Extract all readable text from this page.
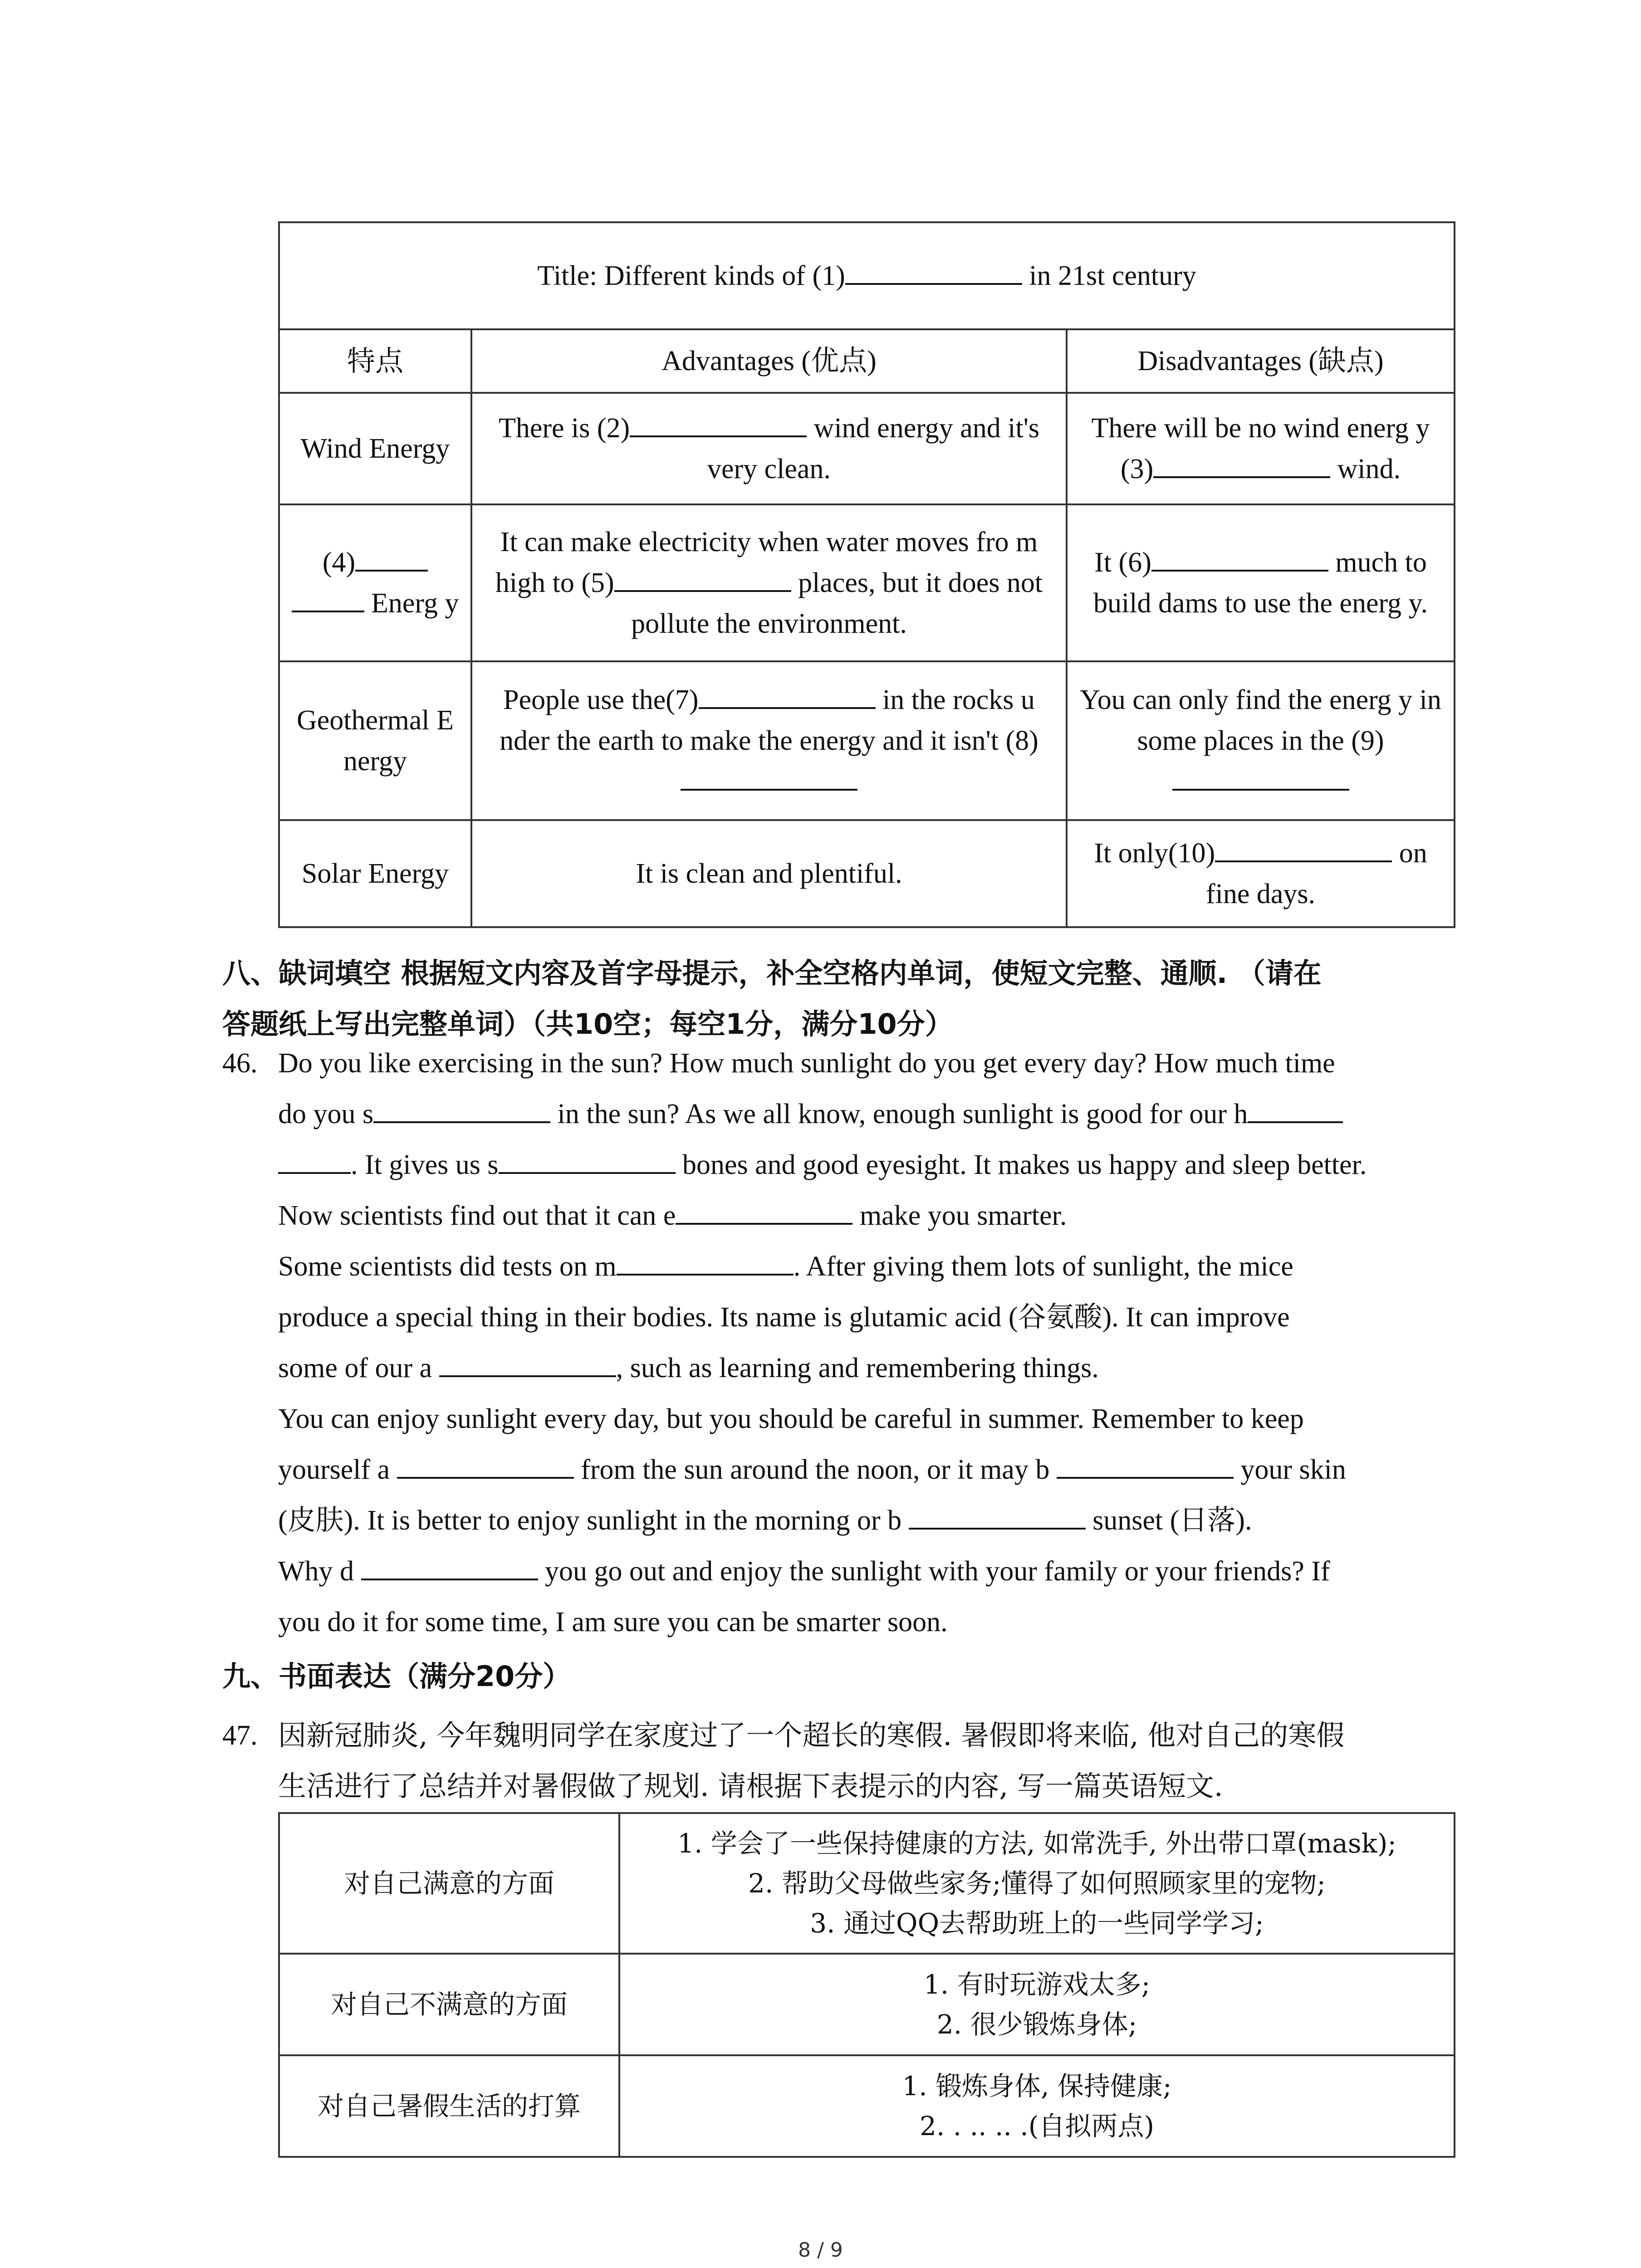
Title: Different kinds of (1) in 21st century		
特点	Advantages (优点)	Disadvantages (缺点)
Wind Energy	There is (2) wind energy and it's very clean.	There will be no wind energ y (3) wind.
(4)
Energ y	It can make electricity when water moves fro m high to (5) places, but it does not pollute the environment.	It (6) much to build dams to use the energ y.
Geothermal E nergy	People use the(7) in the rocks u nder the earth to make the energy and it isn't (8)	You can only find the energ y in some places in the (9)

Solar Energy	It is clean and plentiful.	It only(10) on fine days.
八、缺词填空 根据短文内容及首字母提示，补全空格内单词，使短文完整、通顺. （请在
答题纸上写出完整单词）（共10空；每空1分，满分10分）
46. Do you like exercising in the sun? How much sunlight do you get every day? How much time
do you s	in the sun? As we all know, enough sunlight is good for our h
. It gives us s	bones and good eyesight. It makes us happy and sleep better.
Now scientists find out that it can e	make you smarter.
Some scientists did tests on m	. After giving them lots of sunlight, the mice
produce a special thing in their bodies. Its name is glutamic acid (谷氨酸). It can improve
some of our a	, such as learning and remembering things.
You can enjoy sunlight every day, but you should be careful in summer. Remember to keep
yourself a	from the sun around the noon, or it may b	your skin
(皮肤). It is better to enjoy sunlight in the morning or b	sunset (日落).
Why d	you go out and enjoy the sunlight with your family or your friends? If
you do it for some time, I am sure you can be smarter soon.
九、书面表达（满分20分）
47. 因新冠肺炎, 今年魏明同学在家度过了一个超长的寒假. 暑假即将来临, 他对自己的寒假
生活进行了总结并对暑假做了规划. 请根据下表提示的内容, 写一篇英语短文.
对自己满意的方面	1. 学会了一些保持健康的方法, 如常洗手, 外出带口罩(mask);
2. 帮助父母做些家务;懂得了如何照顾家里的宠物;
3. 通过QQ去帮助班上的一些同学学习;

对自己不满意的方面	1. 有时玩游戏太多;
2. 很少锻炼身体;

对自己暑假生活的打算	1. 锻炼身体, 保持健康;
2. . .. .. .(自拟两点)
8 / 9
